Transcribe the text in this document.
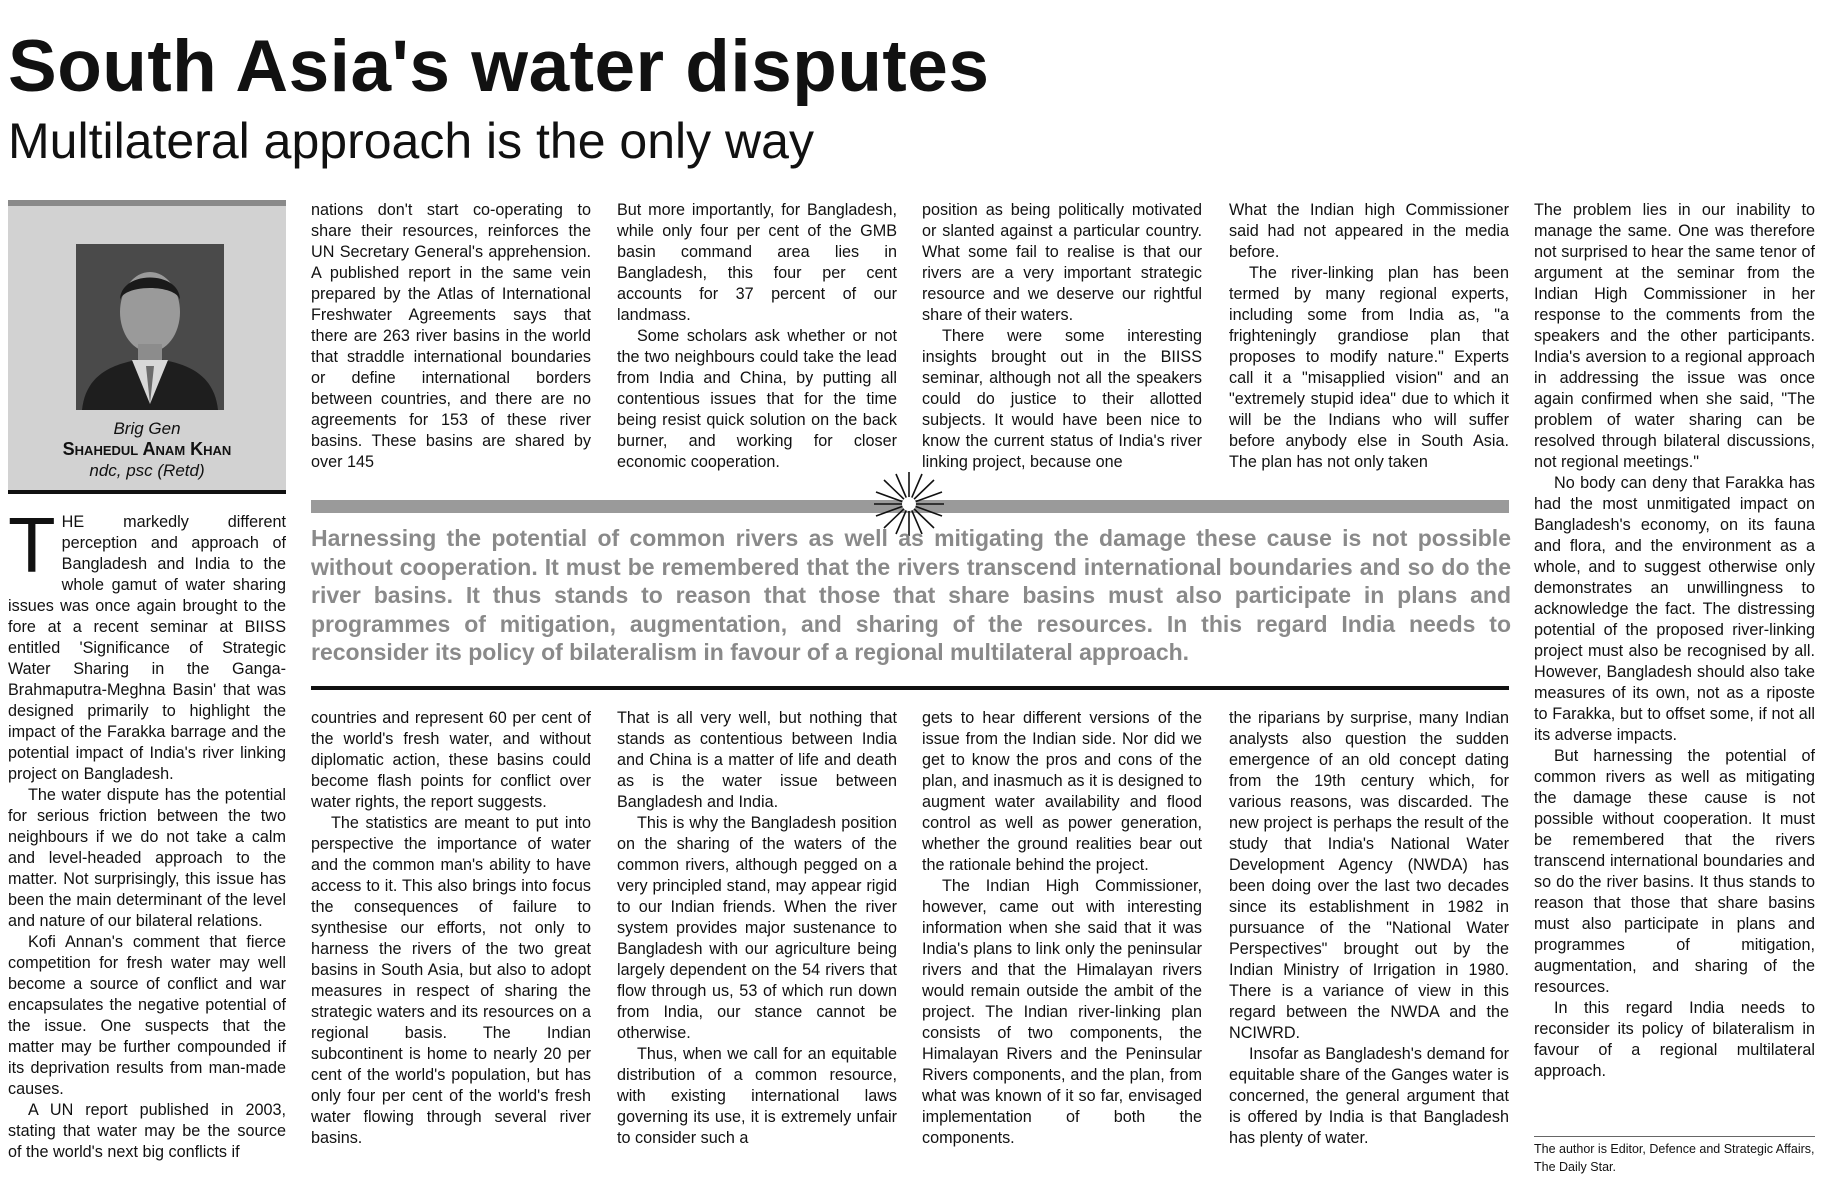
South Asia's water disputes
Multilateral approach is the only way
Brig Gen
Shahedul Anam Khan
ndc, psc (Retd)

THE markedly different perception and approach of Bangladesh and India to the whole gamut of water sharing issues was once again brought to the fore at a recent seminar at BIISS entitled 'Significance of Strategic Water Sharing in the Ganga-Brahmaputra-Meghna Basin' that was designed primarily to highlight the impact of the Farakka barrage and the potential impact of India's river linking project on Bangladesh.

The water dispute has the potential for serious friction between the two neighbours if we do not take a calm and level-headed approach to the matter. Not surprisingly, this issue has been the main determinant of the level and nature of our bilateral relations.

Kofi Annan's comment that fierce competition for fresh water may well become a source of conflict and war encapsulates the negative potential of the issue. One suspects that the matter may be further compounded if its deprivation results from man-made causes.

A UN report published in 2003, stating that water may be the source of the world's next big conflicts if

nations don't start co-operating to share their resources, reinforces the UN Secretary General's apprehension. A published report in the same vein prepared by the Atlas of International Freshwater Agreements says that there are 263 river basins in the world that straddle international boundaries or define international borders between countries, and there are no agreements for 153 of these river basins. These basins are shared by over 145

But more importantly, for Bangladesh, while only four per cent of the GMB basin command area lies in Bangladesh, this four per cent accounts for 37 percent of our landmass.

Some scholars ask whether or not the two neighbours could take the lead from India and China, by putting all contentious issues that for the time being resist quick solution on the back burner, and working for closer economic cooperation.

position as being politically motivated or slanted against a particular country. What some fail to realise is that our rivers are a very important strategic resource and we deserve our rightful share of their waters.

There were some interesting insights brought out in the BIISS seminar, although not all the speakers could do justice to their allotted subjects. It would have been nice to know the current status of India's river linking project, because one

What the Indian high Commissioner said had not appeared in the media before.

The river-linking plan has been termed by many regional experts, including some from India as, "a frighteningly grandiose plan that proposes to modify nature." Experts call it a "misapplied vision" and an "extremely stupid idea" due to which it will be the Indians who will suffer before anybody else in South Asia. The plan has not only taken

Harnessing the potential of common rivers as well as mitigating the damage these cause is not possible without cooperation. It must be remembered that the rivers transcend international boundaries and so do the river basins. It thus stands to reason that those that share basins must also participate in plans and programmes of mitigation, augmentation, and sharing of the resources. In this regard India needs to reconsider its policy of bilateralism in favour of a regional multilateral approach.

countries and represent 60 per cent of the world's fresh water, and without diplomatic action, these basins could become flash points for conflict over water rights, the report suggests.

The statistics are meant to put into perspective the importance of water and the common man's ability to have access to it. This also brings into focus the consequences of failure to synthesise our efforts, not only to harness the rivers of the two great basins in South Asia, but also to adopt measures in respect of sharing the strategic waters and its resources on a regional basis. The Indian subcontinent is home to nearly 20 per cent of the world's population, but has only four per cent of the world's fresh water flowing through several river basins.

That is all very well, but nothing that stands as contentious between India and China is a matter of life and death as is the water issue between Bangladesh and India.

This is why the Bangladesh position on the sharing of the waters of the common rivers, although pegged on a very principled stand, may appear rigid to our Indian friends. When the river system provides major sustenance to Bangladesh with our agriculture being largely dependent on the 54 rivers that flow through us, 53 of which run down from India, our stance cannot be otherwise.

Thus, when we call for an equitable distribution of a common resource, with existing international laws governing its use, it is extremely unfair to consider such a

gets to hear different versions of the issue from the Indian side. Nor did we get to know the pros and cons of the plan, and inasmuch as it is designed to augment water availability and flood control as well as power generation, whether the ground realities bear out the rationale behind the project.

The Indian High Commissioner, however, came out with interesting information when she said that it was India's plans to link only the peninsular rivers and that the Himalayan rivers would remain outside the ambit of the project. The Indian river-linking plan consists of two components, the Himalayan Rivers and the Peninsular Rivers components, and the plan, from what was known of it so far, envisaged implementation of both the components.

the riparians by surprise, many Indian analysts also question the sudden emergence of an old concept dating from the 19th century which, for various reasons, was discarded. The new project is perhaps the result of the study that India's National Water Development Agency (NWDA) has been doing over the last two decades since its establishment in 1982 in pursuance of the "National Water Perspectives" brought out by the Indian Ministry of Irrigation in 1980. There is a variance of view in this regard between the NWDA and the NCIWRD.

Insofar as Bangladesh's demand for equitable share of the Ganges water is concerned, the general argument that is offered by India is that Bangladesh has plenty of water.

The problem lies in our inability to manage the same. One was therefore not surprised to hear the same tenor of argument at the seminar from the Indian High Commissioner in her response to the comments from the speakers and the other participants. India's aversion to a regional approach in addressing the issue was once again confirmed when she said, "The problem of water sharing can be resolved through bilateral discussions, not regional meetings."

No body can deny that Farakka has had the most unmitigated impact on Bangladesh's economy, on its fauna and flora, and the environment as a whole, and to suggest otherwise only demonstrates an unwillingness to acknowledge the fact. The distressing potential of the proposed river-linking project must also be recognised by all. However, Bangladesh should also take measures of its own, not as a riposte to Farakka, but to offset some, if not all its adverse impacts.

But harnessing the potential of common rivers as well as mitigating the damage these cause is not possible without cooperation. It must be remembered that the rivers transcend international boundaries and so do the river basins. It thus stands to reason that those that share basins must also participate in plans and programmes of mitigation, augmentation, and sharing of the resources.

In this regard India needs to reconsider its policy of bilateralism in favour of a regional multilateral approach.

The author is Editor, Defence and Strategic Affairs, The Daily Star.
